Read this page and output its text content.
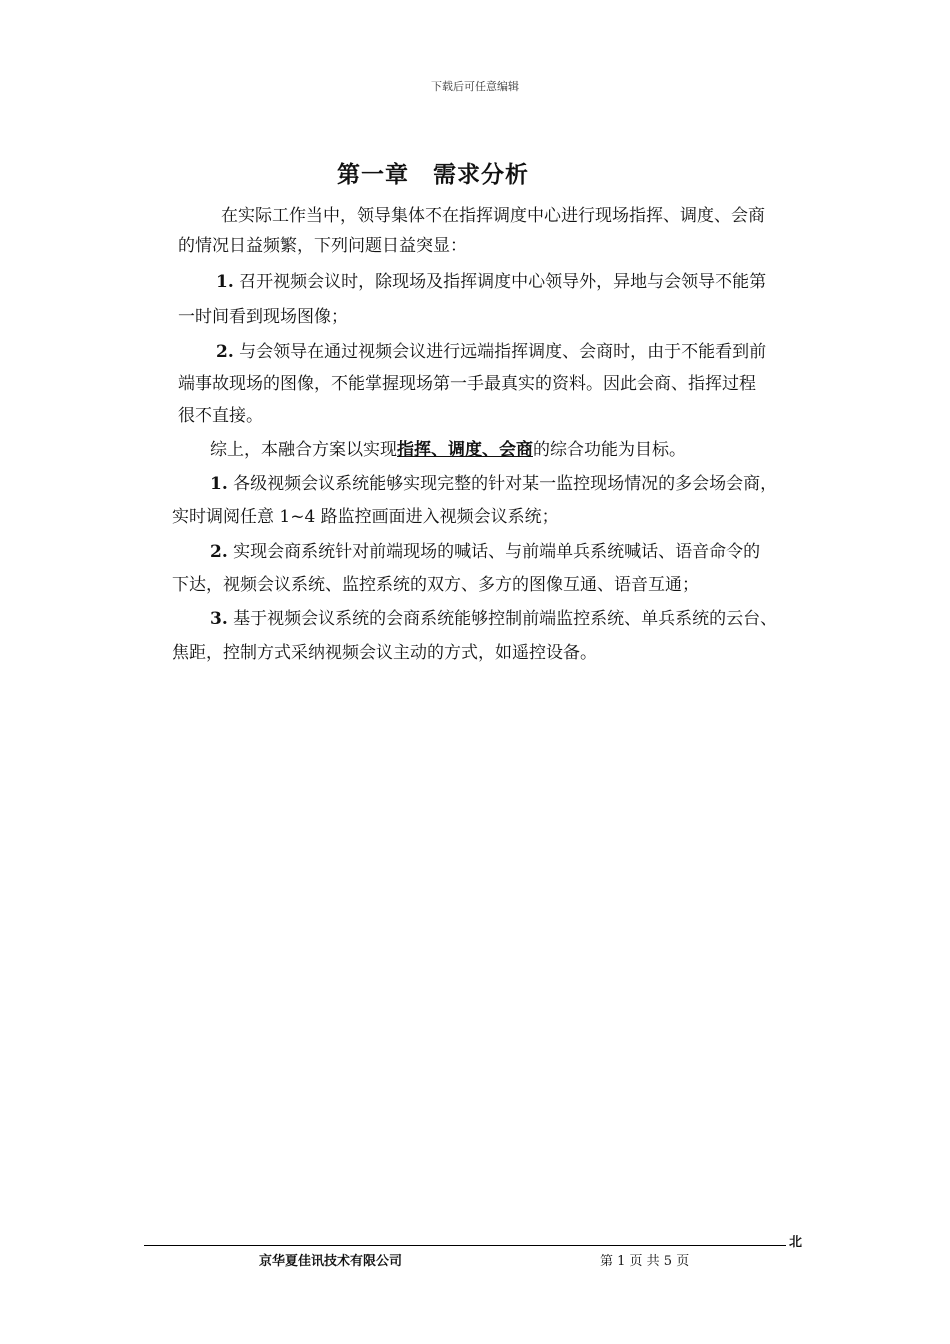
下载后可任意编辑
第一章　需求分析
在实际工作当中，领导集体不在指挥调度中心进行现场指挥、调度、会商
的情况日益频繁，下列问题日益突显：
1. 召开视频会议时，除现场及指挥调度中心领导外，异地与会领导不能第
一时间看到现场图像；
2. 与会领导在通过视频会议进行远端指挥调度、会商时，由于不能看到前
端事故现场的图像，不能掌握现场第一手最真实的资料。因此会商、指挥过程
很不直接。
综上，本融合方案以实现指挥、调度、会商的综合功能为目标。
1. 各级视频会议系统能够实现完整的针对某一监控现场情况的多会场会商，
实时调阅任意 1~4 路监控画面进入视频会议系统；
2. 实现会商系统针对前端现场的喊话、与前端单兵系统喊话、语音命令的
下达，视频会议系统、监控系统的双方、多方的图像互通、语音互通；
3. 基于视频会议系统的会商系统能够控制前端监控系统、单兵系统的云台、
焦距，控制方式采纳视频会议主动的方式，如遥控设备。
北
京华夏佳讯技术有限公司	第 1 页 共 5 页
